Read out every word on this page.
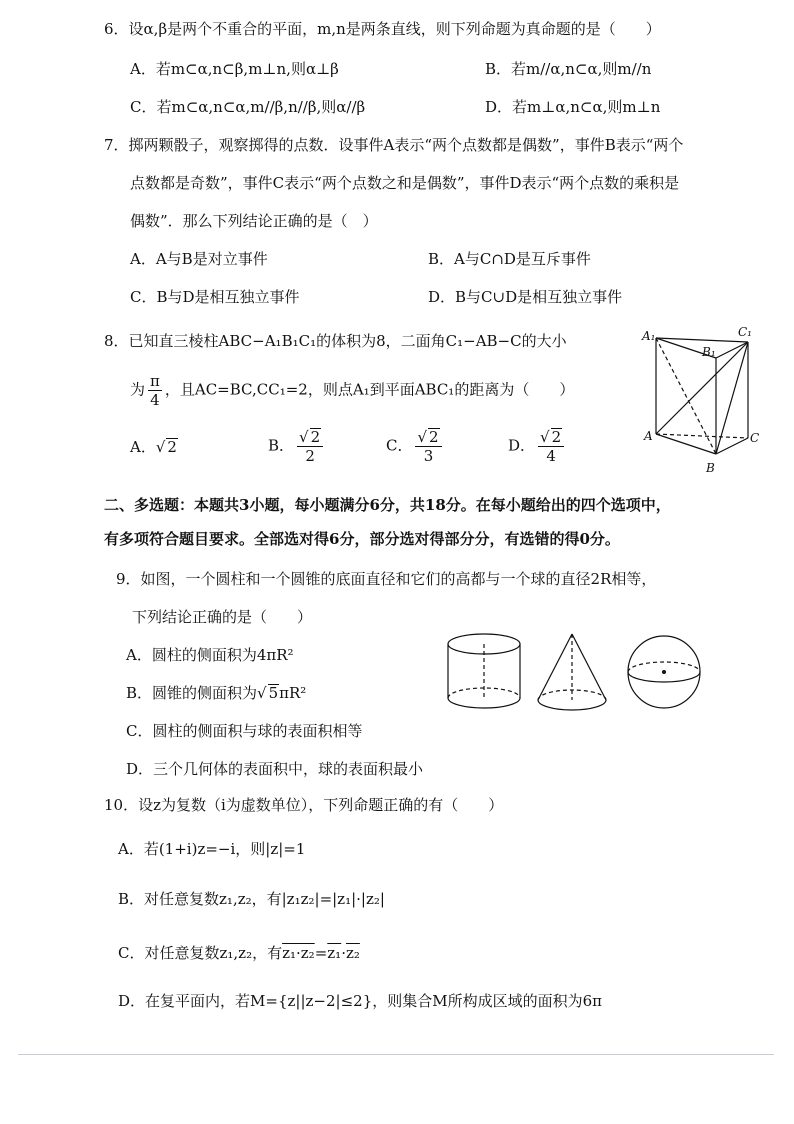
6．设α,β是两个不重合的平面，m,n是两条直线，则下列命题为真命题的是（　　）
A．若m⊂α,n⊂β,m⊥n,则α⊥β	B．若m//α,n⊂α,则m//n
C．若m⊂α,n⊂α,m//β,n//β,则α//β	D．若m⊥α,n⊂α,则m⊥n
7．掷两颗骰子，观察掷得的点数．设事件A表示“两个点数都是偶数”，事件B表示“两个
点数都是奇数”，事件C表示“两个点数之和是偶数”，事件D表示“两个点数的乘积是
偶数”．那么下列结论正确的是（　）
A．A与B是对立事件	B．A与C∩D是互斥事件
C．B与D是相互独立事件	D．B与C∪D是相互独立事件
8．已知直三棱柱ABC−A₁B₁C₁的体积为8，二面角C₁−AB−C的大小
为 $\frac{\pi}{4}$ ，且AC=BC,CC₁=2，则点A₁到平面ABC₁的距离为（　　）
A．√ 2	B． $\frac{√ 2}{2}$	C． $\frac{√ 2}{3}$	D． $\frac{√ 2}{4}$
A₁
B₁
C₁
A
B
C
二、多选题：本题共3小题，每小题满分6分，共18分。在每小题给出的四个选项中，
有多项符合题目要求。全部选对得6分，部分选对得部分分，有选错的得0分。
9．如图，一个圆柱和一个圆锥的底面直径和它们的高都与一个球的直径2R相等，
下列结论正确的是（　　）
A．圆柱的侧面积为4πR²
B．圆锥的侧面积为√ 5πR²
C．圆柱的侧面积与球的表面积相等
D．三个几何体的表面积中，球的表面积最小
10．设z为复数（i为虚数单位），下列命题正确的有（　　）
A．若(1+i)z=−i，则|z|=1
B．对任意复数z₁,z₂，有|z₁z₂|=|z₁|·|z₂|
C．对任意复数z₁,z₂，有z₁·z₂=z₁·z₂
D．在复平面内，若M={z||z−2|≤2}，则集合M所构成区域的面积为6π
